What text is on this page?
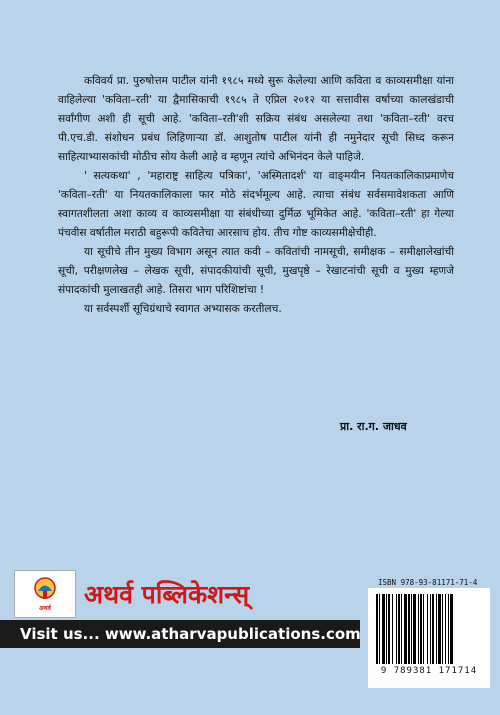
कविवर्य प्रा. पुरुषोत्तम पाटील यांनी १९८५ मध्ये सुरू केलेल्या आणि कविता व काव्यसमीक्षा यांना वाहिलेल्या 'कविता–रती' या द्वैमासिकाची १९८५ ते एप्रिल २०१२ या सत्तावीस वर्षाच्या कालखंडाची सर्वांगीण अशी ही सूची आहे. 'कविता–रती'शी सक्रिय संबंध असलेल्या तथा 'कविता–रती' वरच पी.एच.डी. संशोधन प्रबंध लिहिणाऱ्या डॉ. आशुतोष पाटील यांनी ही नमुनेदार सूची सिध्द करून साहित्याभ्यासकांची मोठीच सोय केली आहे व म्हणून त्यांचे अभिनंदन केले पाहिजे.

' सत्यकथा' , 'महाराष्ट्र साहित्य पत्रिका', 'अस्मितादर्श' या वाङ्‌मयीन नियतकालिकाप्रमाणेच 'कविता–रती' या नियतकालिकाला फार मोठे संदर्भमूल्य आहे. त्याचा संबंध सर्वसमावेशकता आणि स्वागतशीलता अशा काव्य व काव्यसमीक्षा या संबंधीच्या दुर्मिळ भूमिकेत आहे. 'कविता–रती' हा गेल्या पंचवीस वर्षातील मराठी बहुरूपी कवितेचा आरसाच होय. तीच गोष्ट काव्यसमीक्षेचीही.

या सूचीचे तीन मुख्य विभाग असून त्यात कवी – कवितांची नामसूची, समीक्षक – समीक्षालेखांची सूची, परीक्षणलेख – लेखक सूची, संपादकीयांची सूची, मुखपृष्ठे – रेखाटनांची सूची व मुख्य म्हणजे संपादकांची मुलाखतही आहे. तिसरा भाग परिशिष्टांचा !

या सर्वस्पर्शी सूचिग्रंथाचे स्वागत अभ्यासक करतीलच.

प्रा. रा.ग. जाधव
अथर्व अथर्व पब्लिकेशन्स्	ISBN 978-93-81171-71-4
Visit us... www.atharvapublications.com
9 789381 171714
